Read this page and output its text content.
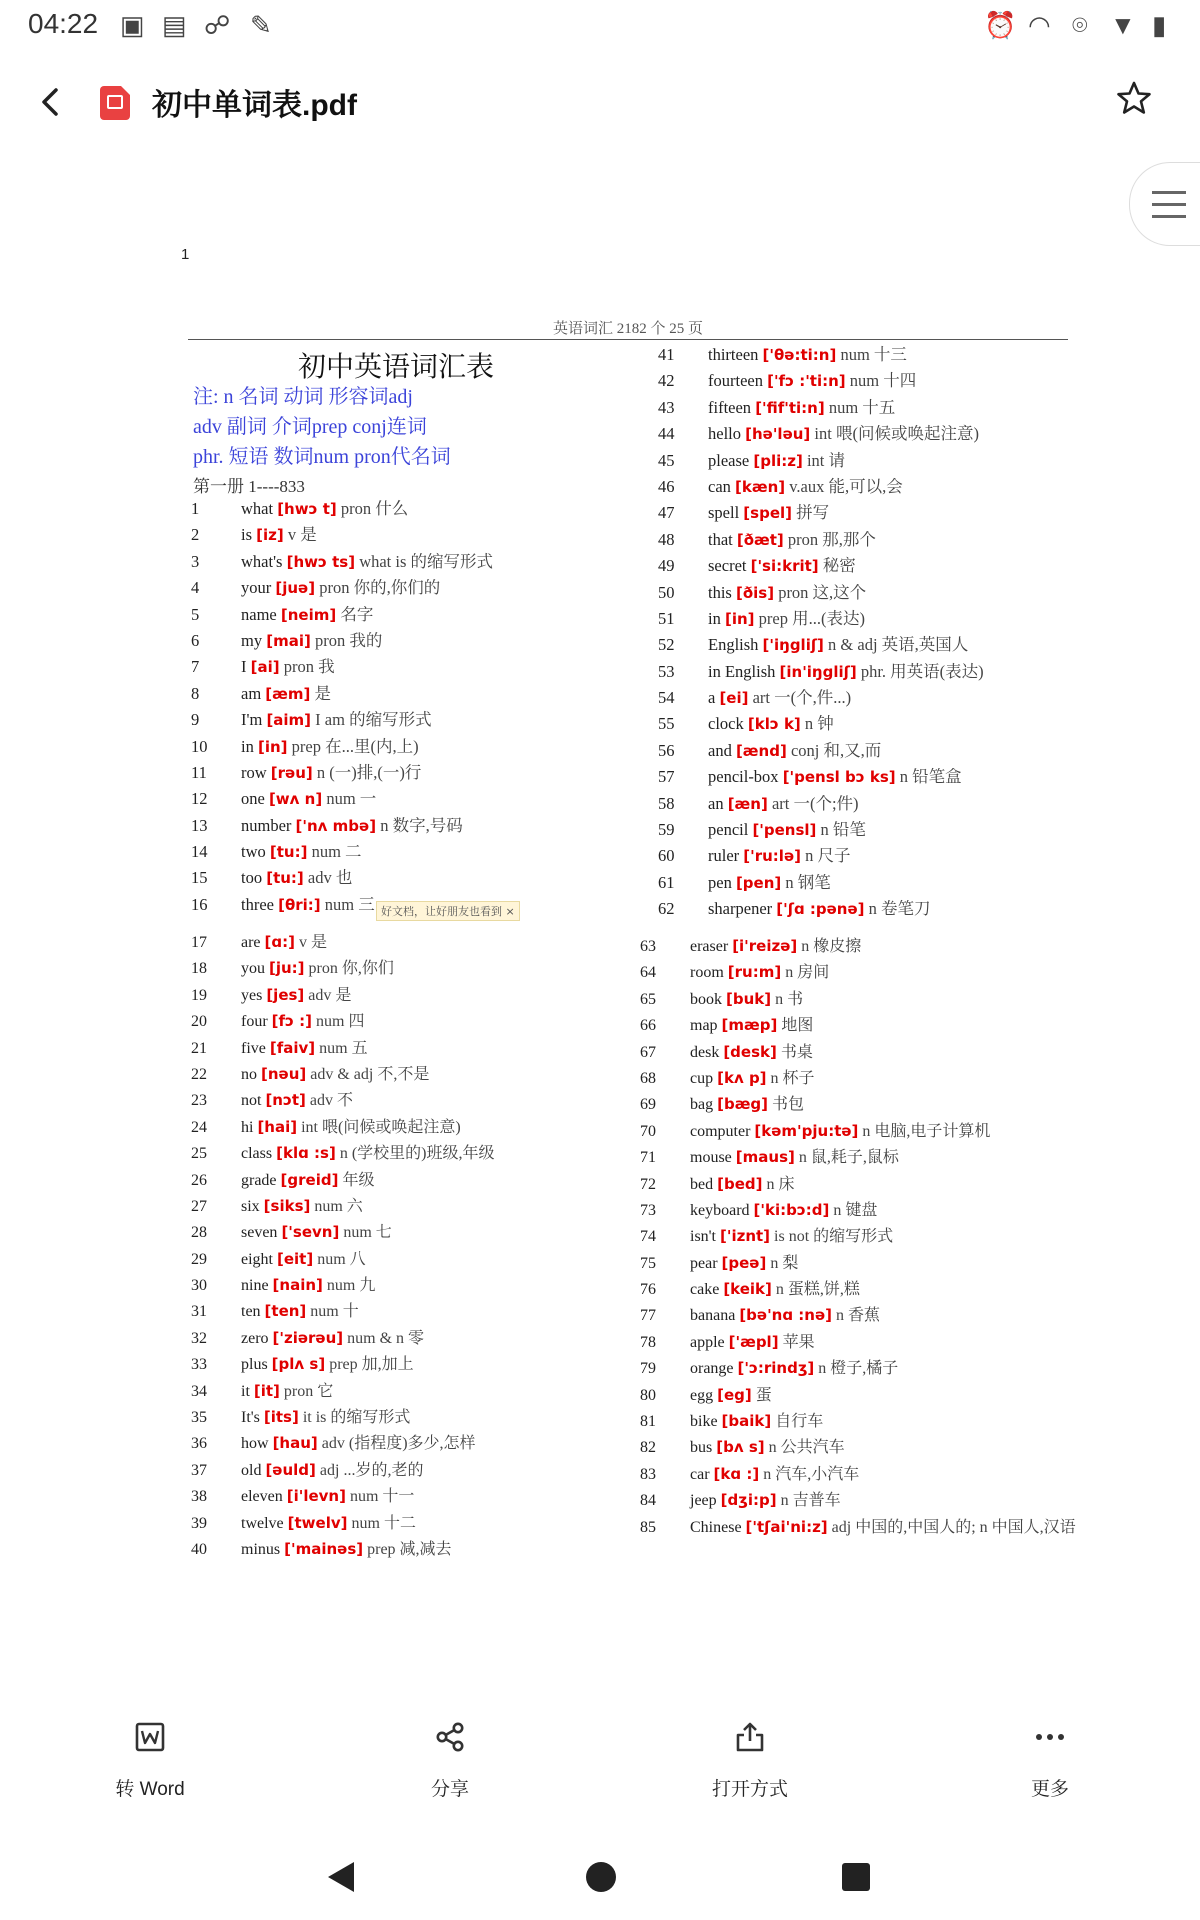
04:22 ▣ ▤ ☍ ✎	⏰ ◠ ⌾ ▼ ▮
初中单词表.pdf
1
英语词汇 2182 个 25 页
初中英语词汇表
注: n 名词 动词 形容词adj
adv 副词 介词prep conj连词
phr. 短语 数词num pron代名词
第一册 1----833
1	what [hwɔ t] pron 什么
2	is [iz] v 是
3	what's [hwɔ ts] what is 的缩写形式
4	your [juə] pron 你的,你们的
5	name [neim] 名字
6	my [mai] pron 我的
7	I [ai] pron 我
8	am [æm] 是
9	I'm [aim] I am 的缩写形式
10 in [in] prep 在...里(内,上)
11 row [rəu] n (一)排,(一)行
12 one [wʌ n] num 一
13 number ['nʌ mbə] n 数字,号码
14 two [tu:] num 二
15 too [tu:] adv 也
16 three [θri:] num 三 好文档，让好朋友也看到 ×
17 are [ɑ:] v 是
18 you [ju:] pron 你,你们
19 yes [jes] adv 是
20 four [fɔ :] num 四
21 five [faiv] num 五
22 no [nəu] adv & adj 不,不是
23 not [nɔt] adv 不
24 hi [hai] int 喂(问候或唤起注意)
25 class [klɑ :s] n (学校里的)班级,年级
26 grade [greid] 年级
27 six [siks] num 六
28 seven ['sevn] num 七
29 eight [eit] num 八
30 nine [nain] num 九
31 ten [ten] num 十
32 zero ['ziərəu] num & n 零
33 plus [plʌ s] prep 加,加上
34 it [it] pron 它
35 It's [its] it is 的缩写形式
36 how [hau] adv (指程度)多少,怎样
37 old [əuld] adj ...岁的,老的
38 eleven [i'levn] num 十一
39 twelve [twelv] num 十二
40 minus ['mainəs] prep 减,减去
41 thirteen ['θə:ti:n] num 十三
42 fourteen ['fɔ :'ti:n] num 十四
43 fifteen ['fif'ti:n] num 十五
44 hello [hə'ləu] int 喂(问候或唤起注意)
45 please [pli:z] int 请
46 can [kæn] v.aux 能,可以,会
47 spell [spel] 拼写
48 that [ðæt] pron 那,那个
49 secret ['si:krit] 秘密
50 this [ðis] pron 这,这个
51 in [in] prep 用...(表达)
52 English ['iŋgliʃ] n & adj 英语,英国人
53 in English [in'iŋgliʃ] phr. 用英语(表达)
54 a [ei] art 一(个,件...)
55 clock [klɔ k] n 钟
56 and [ænd] conj 和,又,而
57 pencil-box ['pensl bɔ ks] n 铅笔盒
58 an [æn] art 一(个;件)
59 pencil ['pensl] n 铅笔
60 ruler ['ru:lə] n 尺子
61 pen [pen] n 钢笔
62 sharpener ['ʃɑ :pənə] n 卷笔刀
63 eraser [i'reizə] n 橡皮擦
64 room [ru:m] n 房间
65 book [buk] n 书
66 map [mæp] 地图
67 desk [desk] 书桌
68 cup [kʌ p] n 杯子
69 bag [bæg] 书包
70 computer [kəm'pju:tə] n 电脑,电子计算机
71 mouse [maus] n 鼠,耗子,鼠标
72 bed [bed] n 床
73 keyboard ['ki:bɔ:d] n 键盘
74 isn't ['iznt] is not 的缩写形式
75 pear [peə] n 梨
76 cake [keik] n 蛋糕,饼,糕
77 banana [bə'nɑ :nə] n 香蕉
78 apple ['æpl] 苹果
79 orange ['ɔ:rindʒ] n 橙子,橘子
80 egg [eg] 蛋
81 bike [baik] 自行车
82 bus [bʌ s] n 公共汽车
83 car [kɑ :] n 汽车,小汽车
84 jeep [dʒi:p] n 吉普车
85 Chinese ['tʃai'ni:z] adj 中国的,中国人的; n 中国人,汉语
转 Word	分享	打开方式	更多
